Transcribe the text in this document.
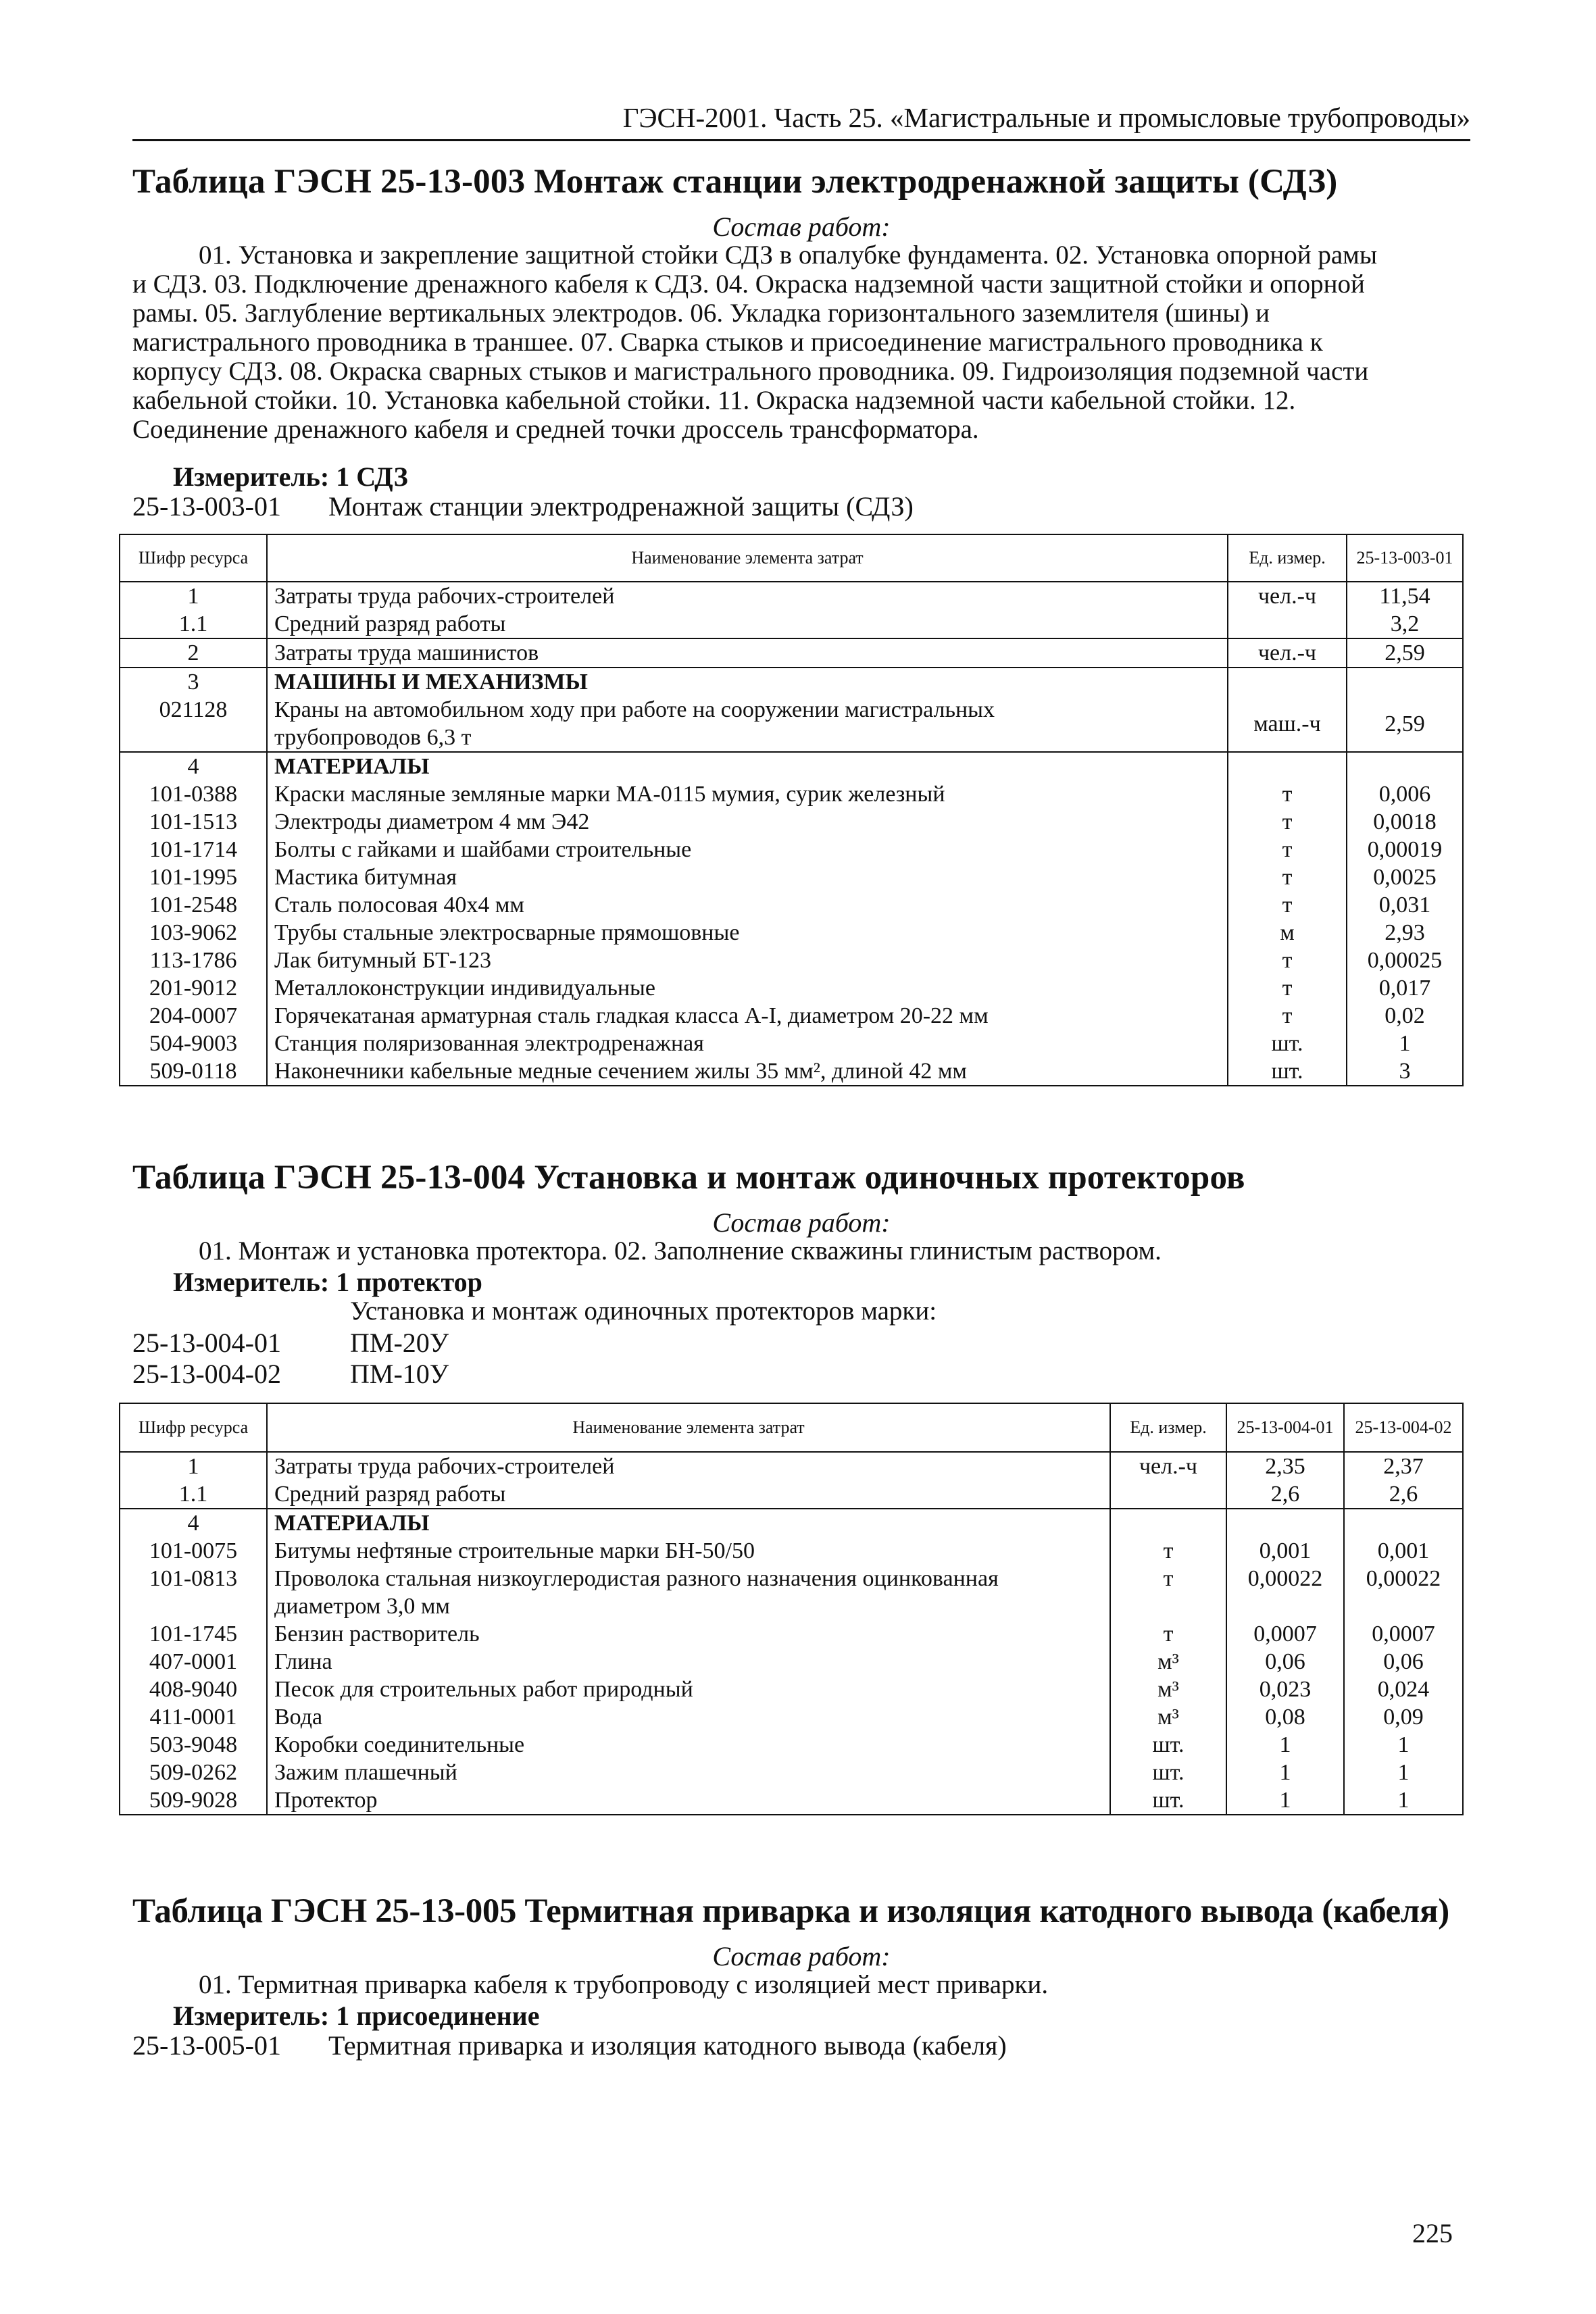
ГЭСН-2001. Часть 25. «Магистральные и промысловые трубопроводы»
Таблица ГЭСН 25-13-003 Монтаж станции электродренажной защиты (СДЗ)
Состав работ:
01. Установка и закрепление защитной стойки СДЗ в опалубке фундамента. 02. Установка опорной рамы
и СДЗ. 03. Подключение дренажного кабеля к СДЗ. 04. Окраска надземной части защитной стойки и опорной
рамы. 05. Заглубление вертикальных электродов. 06. Укладка горизонтального заземлителя (шины) и
магистрального проводника в траншее. 07. Сварка стыков и присоединение магистрального проводника к
корпусу СДЗ. 08. Окраска сварных стыков и магистрального проводника. 09. Гидроизоляция подземной части
кабельной стойки. 10. Установка кабельной стойки. 11. Окраска надземной части кабельной стойки. 12.
Соединение дренажного кабеля и средней точки дроссель трансформатора.
Измеритель: 1 СДЗ
25-13-003-01 Монтаж станции электродренажной защиты (СДЗ)
Шифр ресурса	Наименование элемента затрат	Ед. измер.	25-13-003-01
1	Затраты труда рабочих-строителей	чел.-ч	11,54
1.1	Средний разряд работы		3,2
2	Затраты труда машинистов	чел.-ч	2,59
3	МАШИНЫ И МЕХАНИЗМЫ		
021128	Краны на автомобильном ходу при работе на сооружении магистральных трубопроводов 6,3 т	маш.-ч	2,59
4	МАТЕРИАЛЫ		
101-0388	Краски масляные земляные марки МА-0115 мумия, сурик железный	т	0,006
101-1513	Электроды диаметром 4 мм Э42	т	0,0018
101-1714	Болты с гайками и шайбами строительные	т	0,00019
101-1995	Мастика битумная	т	0,0025
101-2548	Сталь полосовая 40х4 мм	т	0,031
103-9062	Трубы стальные электросварные прямошовные	м	2,93
113-1786	Лак битумный БТ-123	т	0,00025
201-9012	Металлоконструкции индивидуальные	т	0,017
204-0007	Горячекатаная арматурная сталь гладкая класса A-I, диаметром 20-22 мм	т	0,02
504-9003	Станция поляризованная электродренажная	шт.	1
509-0118	Наконечники кабельные медные сечением жилы 35 мм², длиной 42 мм	шт.	3
Таблица ГЭСН 25-13-004 Установка и монтаж одиночных протекторов
Состав работ:
01. Монтаж и установка протектора. 02. Заполнение скважины глинистым раствором.
Измеритель: 1 протектор
Установка и монтаж одиночных протекторов марки:
25-13-004-01	ПМ-20У
25-13-004-02	ПМ-10У
Шифр ресурса	Наименование элемента затрат	Ед. измер.	25-13-004-01	25-13-004-02
1	Затраты труда рабочих-строителей	чел.-ч	2,35	2,37
1.1	Средний разряд работы		2,6	2,6
4	МАТЕРИАЛЫ			
101-0075	Битумы нефтяные строительные марки БН-50/50	т	0,001	0,001
101-0813	Проволока стальная низкоуглеродистая разного назначения оцинкованная диаметром 3,0 мм	т	0,00022	0,00022
101-1745	Бензин растворитель	т	0,0007	0,0007
407-0001	Глина	м³	0,06	0,06
408-9040	Песок для строительных работ природный	м³	0,023	0,024
411-0001	Вода	м³	0,08	0,09
503-9048	Коробки соединительные	шт.	1	1
509-0262	Зажим плашечный	шт.	1	1
509-9028	Протектор	шт.	1	1
Таблица ГЭСН 25-13-005 Термитная приварка и изоляция катодного вывода (кабеля)
Состав работ:
01. Термитная приварка кабеля к трубопроводу с изоляцией мест приварки.
Измеритель: 1 присоединение
25-13-005-01 Термитная приварка и изоляция катодного вывода (кабеля)
225
